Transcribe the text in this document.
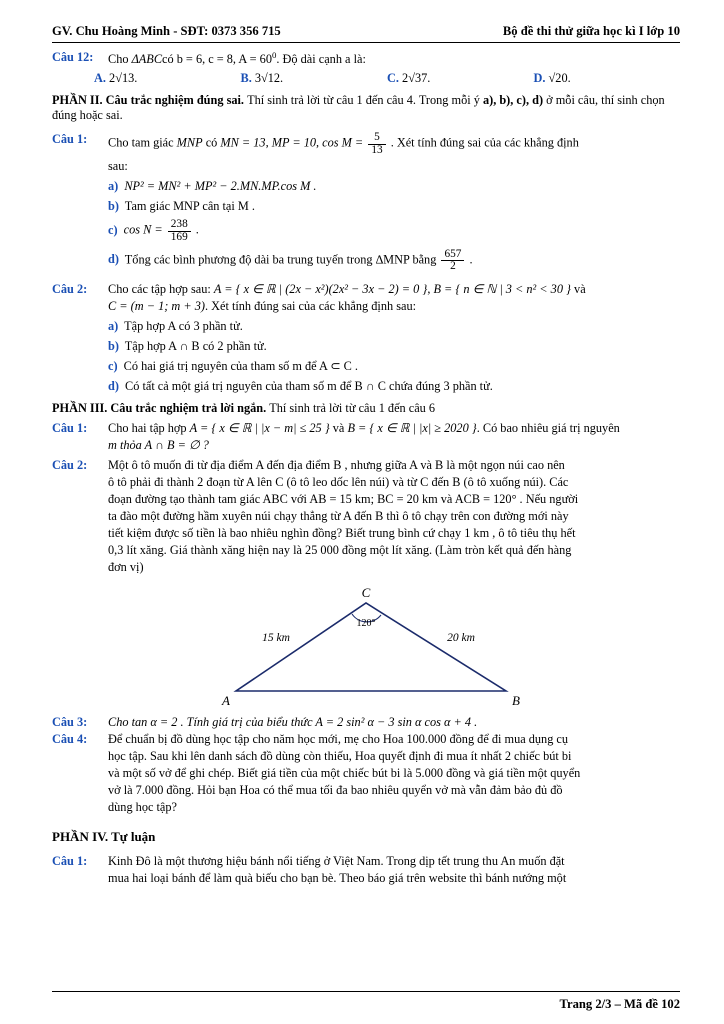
GV. Chu Hoàng Minh - SĐT: 0373 356 715	Bộ đề thi thử giữa học kì I lớp 10
Câu 12:	Cho ΔABCcó b = 6, c = 8, $A = 60^0$. Độ dài cạnh a là:
A. 2√13.	B. 3√12.	C. 2√37.	D. √20.
PHẦN II. Câu trắc nghiệm đúng sai. Thí sinh trả lời từ câu 1 đến câu 4. Trong mỗi ý a), b), c), d) ở mỗi câu, thí sinh chọn đúng hoặc sai.
Câu 1:	Cho tam giác MNP có MN = 13, MP = 10, $\cos M = \frac{5}{13}$ . Xét tính đúng sai của các khẳng định
sau:
a) NP² = MN² + MP² − 2.MN.MP.cos M .
b) Tam giác MNP cân tại M .
c) $\cos N = \frac{238}{169}$ .
d) Tổng các bình phương độ dài ba trung tuyến trong ∆MNP bằng $\frac{657}{2}$ .
Câu 2:	Cho các tập hợp sau: A = { x ∈ ℝ | (2x − x²)(2x² − 3x − 2) = 0 }, B = { n ∈ ℕ | 3 < n² < 30 } và
C = (m − 1; m + 3). Xét tính đúng sai của các khẳng định sau:
a) Tập hợp A có 3 phần tử.
b) Tập hợp A ∩ B có 2 phần tử.
c) Có hai giá trị nguyên của tham số m để A ⊂ C .
d) Có tất cả một giá trị nguyên của tham số m để B ∩ C chứa đúng 3 phần tử.
PHẦN III. Câu trắc nghiệm trả lời ngắn. Thí sinh trả lời từ câu 1 đến câu 6
Câu 1:	Cho hai tập hợp A = { x ∈ ℝ | |x − m| ≤ 25 } và B = { x ∈ ℝ | |x| ≥ 2020 }. Có bao nhiêu giá trị nguyên
m thỏa A ∩ B = ∅ ?
Câu 2:	Một ô tô muốn đi từ địa điểm A đến địa điểm B , nhưng giữa A và B là một ngọn núi cao nên
ô tô phải đi thành 2 đoạn từ A lên C (ô tô leo dốc lên núi) và từ C đến B (ô tô xuống núi). Các
đoạn đường tạo thành tam giác ABC với AB = 15 km; BC = 20 km và ACB = 120° . Nếu người
ta đào một đường hầm xuyên núi chạy thẳng từ A đến B thì ô tô chạy trên con đường mới này
tiết kiệm được số tiền là bao nhiêu nghìn đồng? Biết trung bình cứ chạy 1 km , ô tô tiêu thụ hết
0,3 lít xăng. Giá thành xăng hiện nay là 25 000 đồng một lít xăng. (Làm tròn kết quả đến hàng
đơn vị)
C
A	B
120°
15 km	20 km
Câu 3:	Cho tan α = 2 . Tính giá trị của biểu thức A = 2 sin² α − 3 sin α cos α + 4 .
Câu 4:	Để chuẩn bị đồ dùng học tập cho năm học mới, mẹ cho Hoa 100.000 đồng để đi mua dụng cụ
học tập. Sau khi lên danh sách đồ dùng còn thiếu, Hoa quyết định đi mua ít nhất 2 chiếc bút bi
và một số vở để ghi chép. Biết giá tiền của một chiếc bút bi là 5.000 đồng và giá tiền một quyển
vở là 7.000 đồng. Hỏi bạn Hoa có thể mua tối đa bao nhiêu quyển vở mà vẫn đảm bảo đủ đồ
dùng học tập?
PHẦN IV. Tự luận
Câu 1:	Kinh Đô là một thương hiệu bánh nổi tiếng ở Việt Nam. Trong dịp tết trung thu An muốn đặt
mua hai loại bánh để làm quà biếu cho bạn bè. Theo báo giá trên website thì bánh nướng một
Trang 2/3 – Mã đề 102
